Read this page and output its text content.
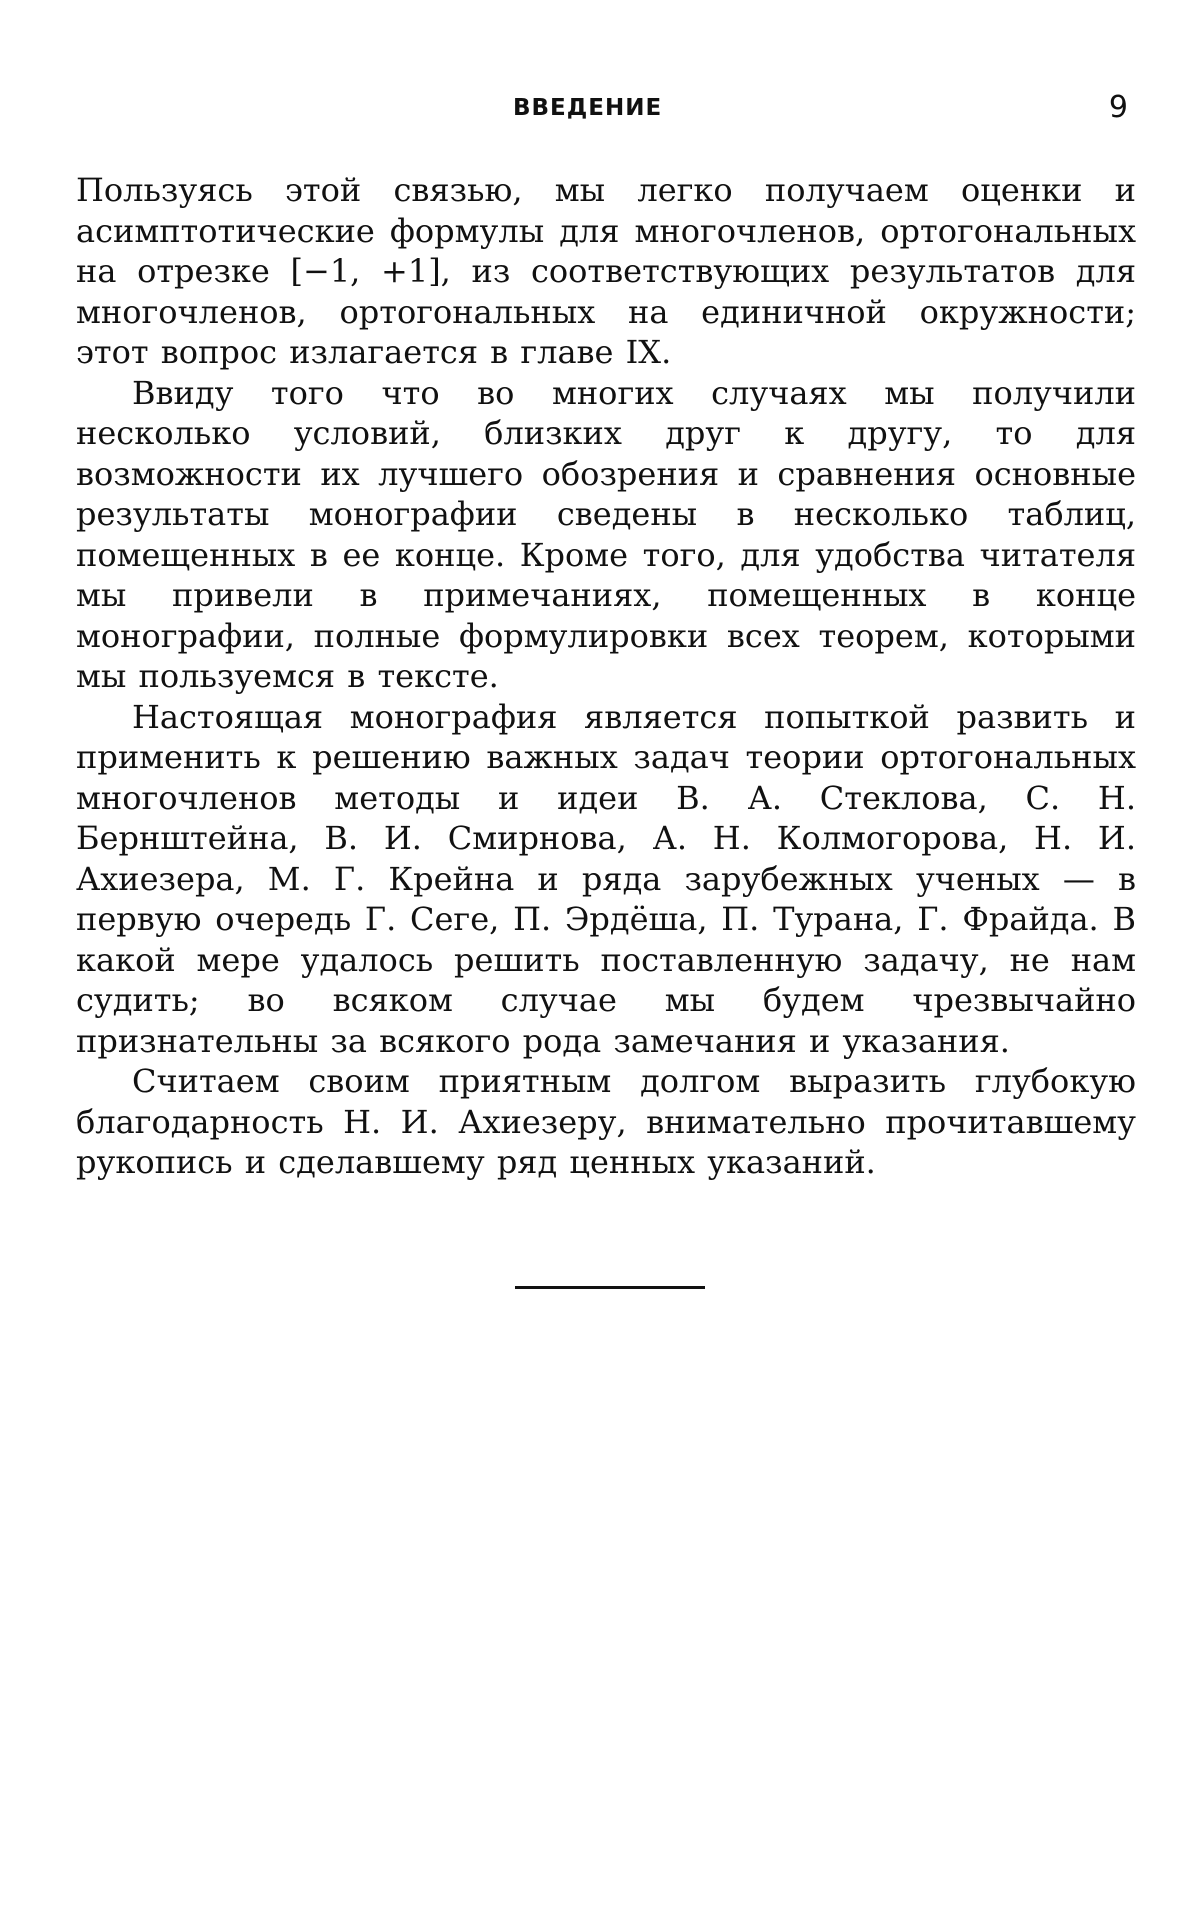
ВВЕДЕНИЕ	9

Пользуясь этой связью, мы легко получаем оценки и асимптотические формулы для многочленов, ортогональных на отрезке [−1, +1], из соответствующих результатов для многочленов, ортогональных на единичной окружности; этот вопрос излагается в главе IX.

Ввиду того что во многих случаях мы получили несколько условий, близких друг к другу, то для возможности их лучшего обозрения и сравнения основные результаты монографии сведены в несколько таблиц, помещенных в ее конце. Кроме того, для удобства читателя мы привели в примечаниях, помещенных в конце монографии, полные формулировки всех теорем, которыми мы пользуемся в тексте.

Настоящая монография является попыткой развить и применить к решению важных задач теории ортогональных многочленов методы и идеи В. А. Стеклова, С. Н. Бернштейна, В. И. Смирнова, А. Н. Колмогорова, Н. И. Ахиезера, М. Г. Крейна и ряда зарубежных ученых — в первую очередь Г. Сеге, П. Эрдёша, П. Турана, Г. Фрайда. В какой мере удалось решить поставленную задачу, не нам судить; во всяком случае мы будем чрезвычайно признательны за всякого рода замечания и указания.

Считаем своим приятным долгом выразить глубокую благодарность Н. И. Ахиезеру, внимательно прочитавшему рукопись и сделавшему ряд ценных указаний.
